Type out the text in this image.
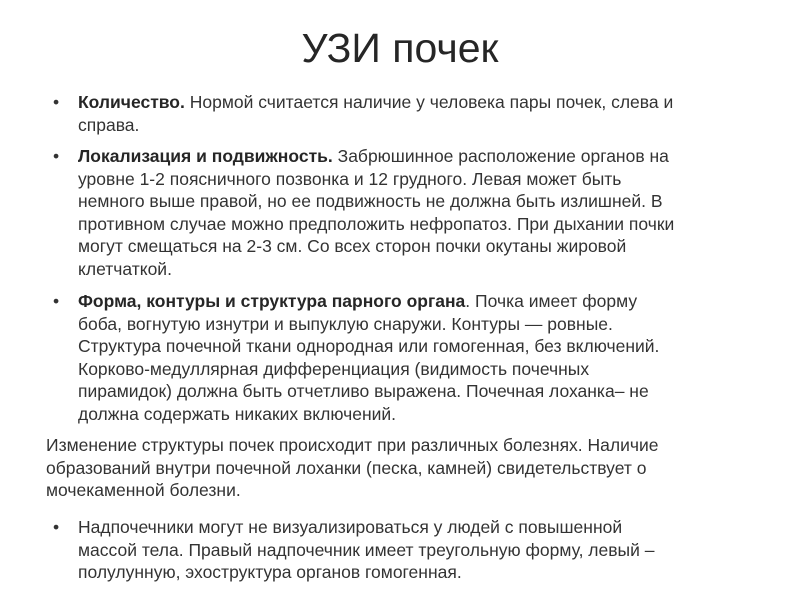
УЗИ почек
• Количество. Нормой считается наличие у человека пары почек, слева и
справа.
• Локализация и подвижность. Забрюшинное расположение органов на
уровне 1-2 поясничного позвонка и 12 грудного. Левая может быть
немного выше правой, но ее подвижность не должна быть излишней. В
противном случае можно предположить нефропатоз. При дыхании почки
могут смещаться на 2-3 см. Со всех сторон почки окутаны жировой
клетчаткой.
• Форма, контуры и структура парного органа. Почка имеет форму
боба, вогнутую изнутри и выпуклую снаружи. Контуры — ровные.
Структура почечной ткани однородная или гомогенная, без включений.
Корково-медуллярная дифференциация (видимость почечных
пирамидок) должна быть отчетливо выражена. Почечная лоханка– не
должна содержать никаких включений.
Изменение структуры почек происходит при различных болезнях. Наличие
образований внутри почечной лоханки (песка, камней) свидетельствует о
мочекаменной болезни.
• Надпочечники могут не визуализироваться у людей с повышенной
массой тела. Правый надпочечник имеет треугольную форму, левый –
полулунную, эхоструктура органов гомогенная.
